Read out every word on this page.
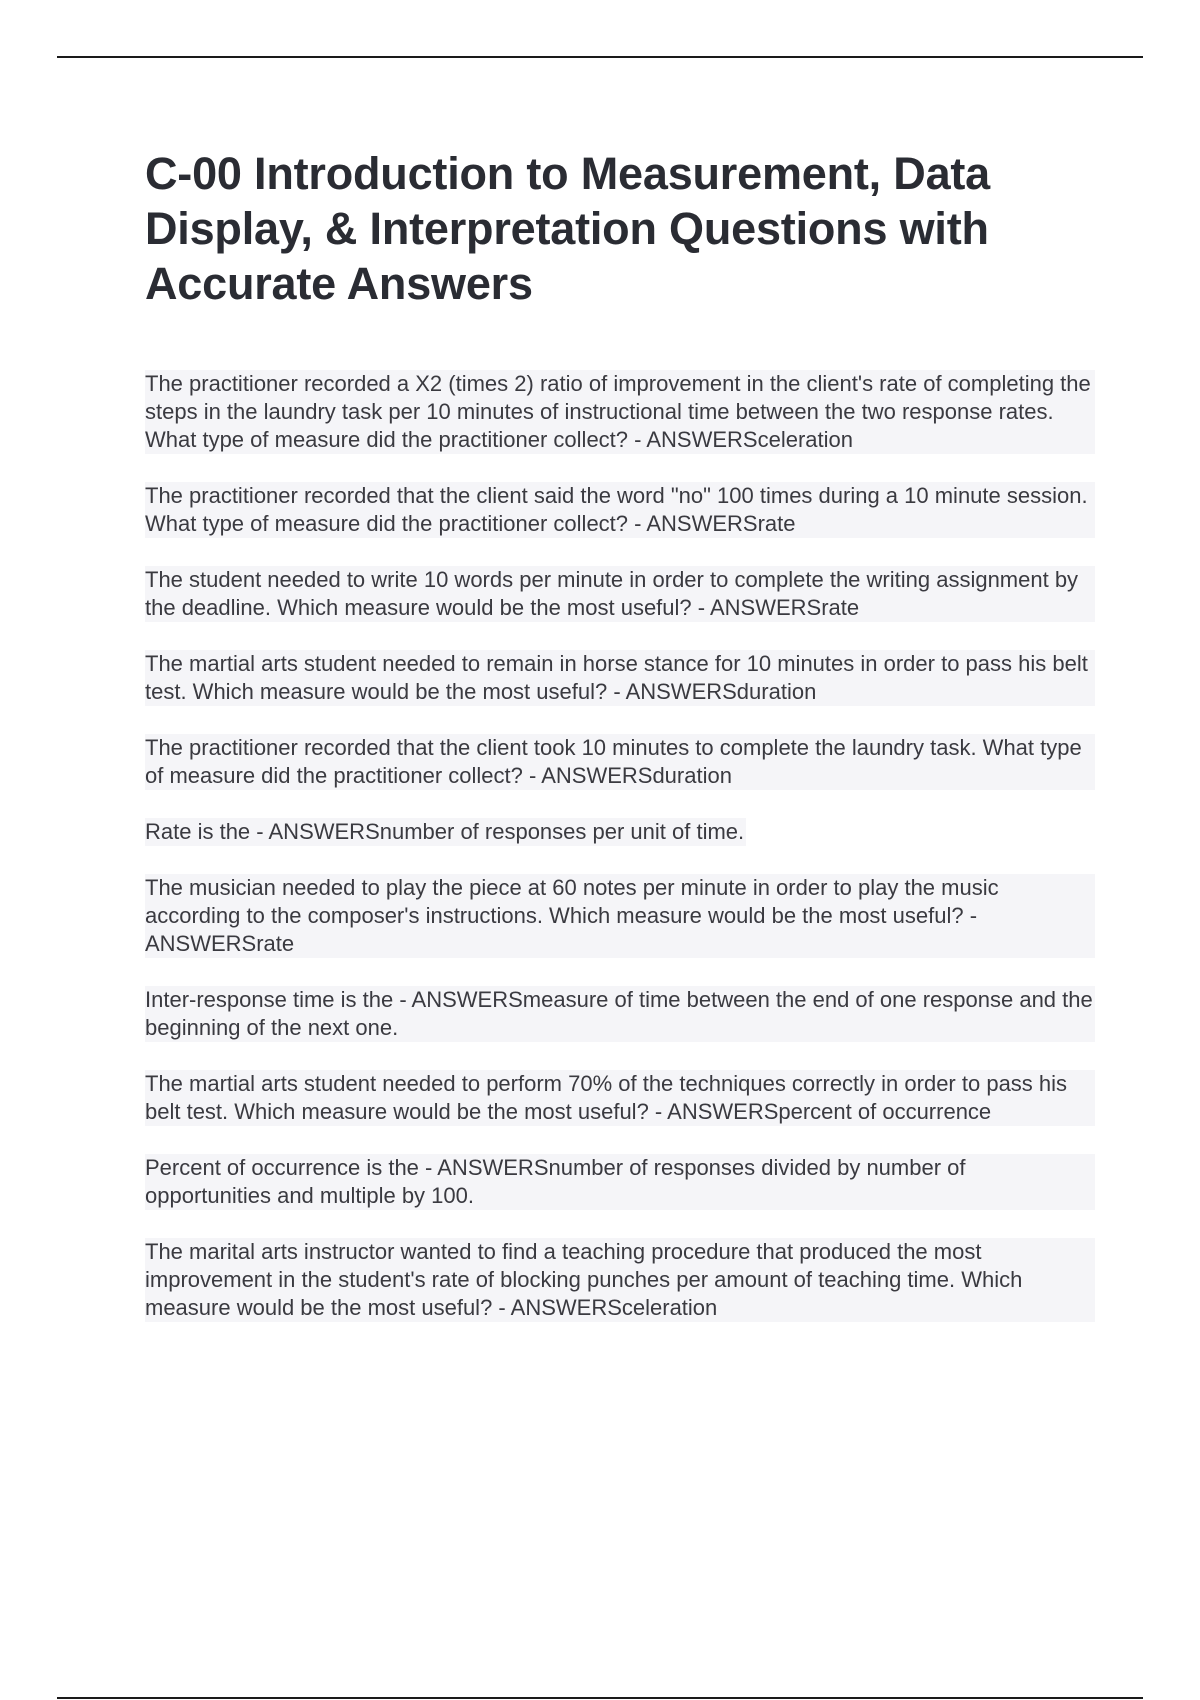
C-00 Introduction to Measurement, Data Display, & Interpretation Questions with Accurate Answers

The practitioner recorded a X2 (times 2) ratio of improvement in the client's rate of completing the steps in the laundry task per 10 minutes of instructional time between the two response rates. What type of measure did the practitioner collect? - ANSWERSceleration

The practitioner recorded that the client said the word "no" 100 times during a 10 minute session. What type of measure did the practitioner collect? - ANSWERSrate

The student needed to write 10 words per minute in order to complete the writing assignment by the deadline. Which measure would be the most useful? - ANSWERSrate

The martial arts student needed to remain in horse stance for 10 minutes in order to pass his belt test. Which measure would be the most useful? - ANSWERSduration

The practitioner recorded that the client took 10 minutes to complete the laundry task. What type of measure did the practitioner collect? - ANSWERSduration

Rate is the - ANSWERSnumber of responses per unit of time.

The musician needed to play the piece at 60 notes per minute in order to play the music according to the composer's instructions. Which measure would be the most useful? - ANSWERSrate

Inter-response time is the - ANSWERSmeasure of time between the end of one response and the beginning of the next one.

The martial arts student needed to perform 70% of the techniques correctly in order to pass his belt test. Which measure would be the most useful? - ANSWERSpercent of occurrence

Percent of occurrence is the - ANSWERSnumber of responses divided by number of opportunities and multiple by 100.

The marital arts instructor wanted to find a teaching procedure that produced the most improvement in the student's rate of blocking punches per amount of teaching time. Which measure would be the most useful? - ANSWERSceleration
